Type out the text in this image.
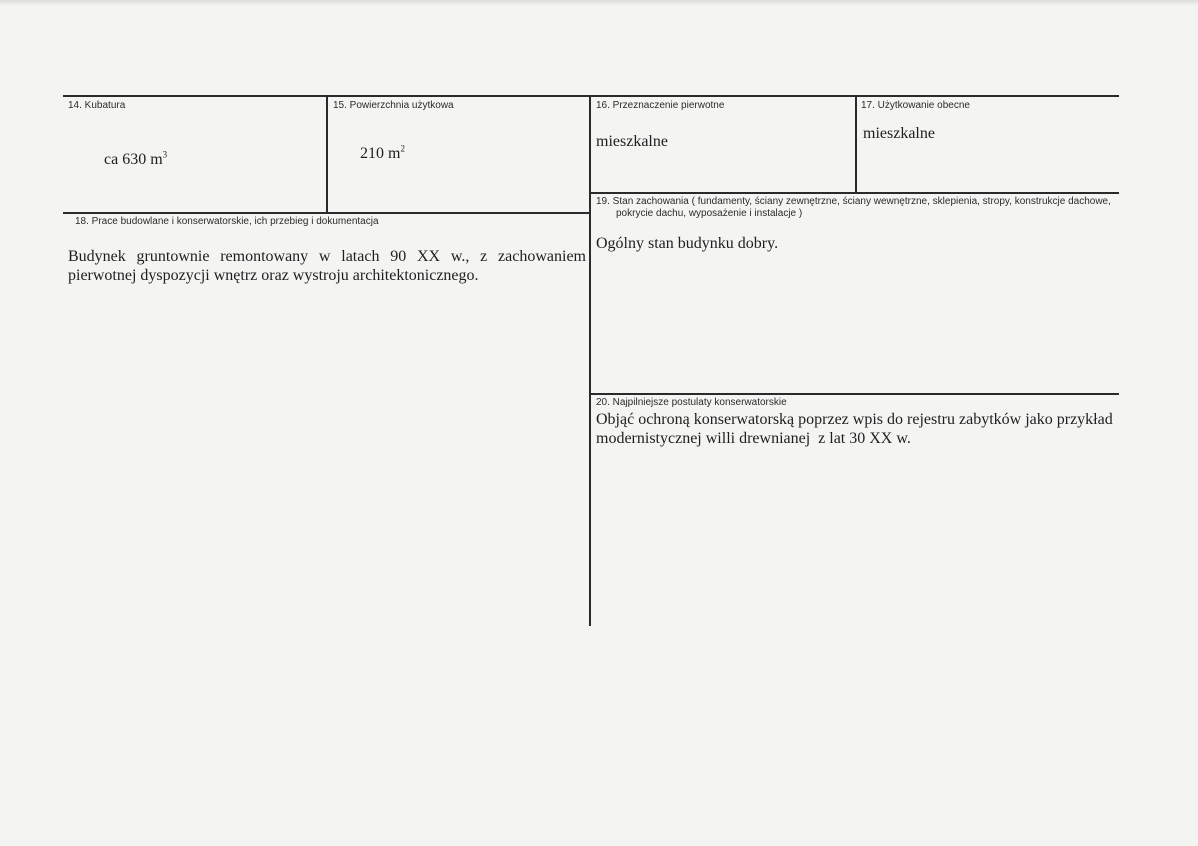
14. Kubatura
ca 630 $m^3$
15. Powierzchnia użytkowa
210 $m^2$
16. Przeznaczenie pierwotne
mieszkalne
17. Użytkowanie obecne
mieszkalne
18. Prace budowlane i konserwatorskie, ich przebieg i dokumentacja
Budynek gruntownie remontowany w latach 90 XX w., z zachowaniem pierwotnej dyspozycji wnętrz oraz wystroju architektonicznego.
19. Stan zachowania ( fundamenty, ściany zewnętrzne, ściany wewnętrzne, sklepienia, stropy, konstrukcje dachowe, pokrycie dachu, wyposażenie i instalacje )
Ogólny stan budynku dobry.
20. Najpilniejsze postulaty konserwatorskie
Objąć ochroną konserwatorską poprzez wpis do rejestru zabytków jako przykład modernistycznej willi drewnianej  z lat 30 XX w.
